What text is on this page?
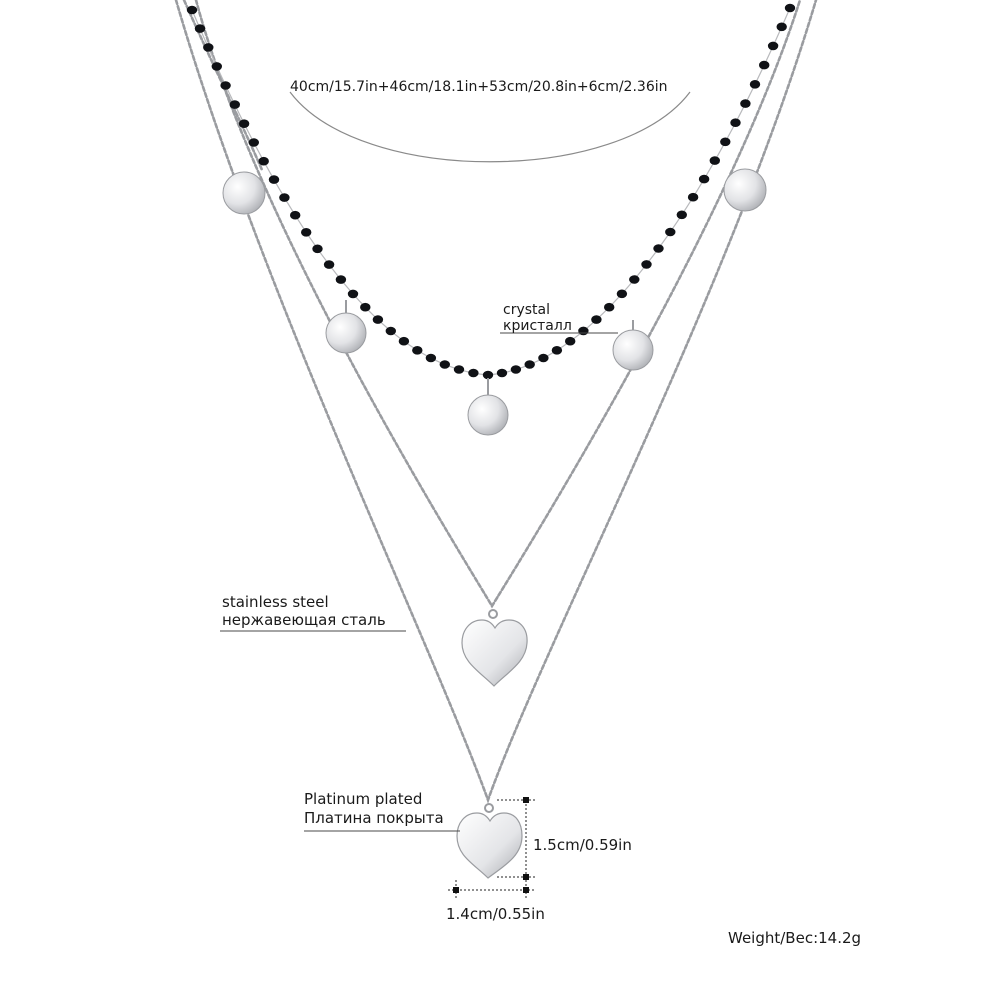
40cm/15.7in+46cm/18.1in+53cm/20.8in+6cm/2.36in
crystal
кристалл
stainless steel
нержавеющая сталь
Platinum plated
Платина покрыта
1.5cm/0.59in
1.4cm/0.55in
Weight/Вес:14.2g
